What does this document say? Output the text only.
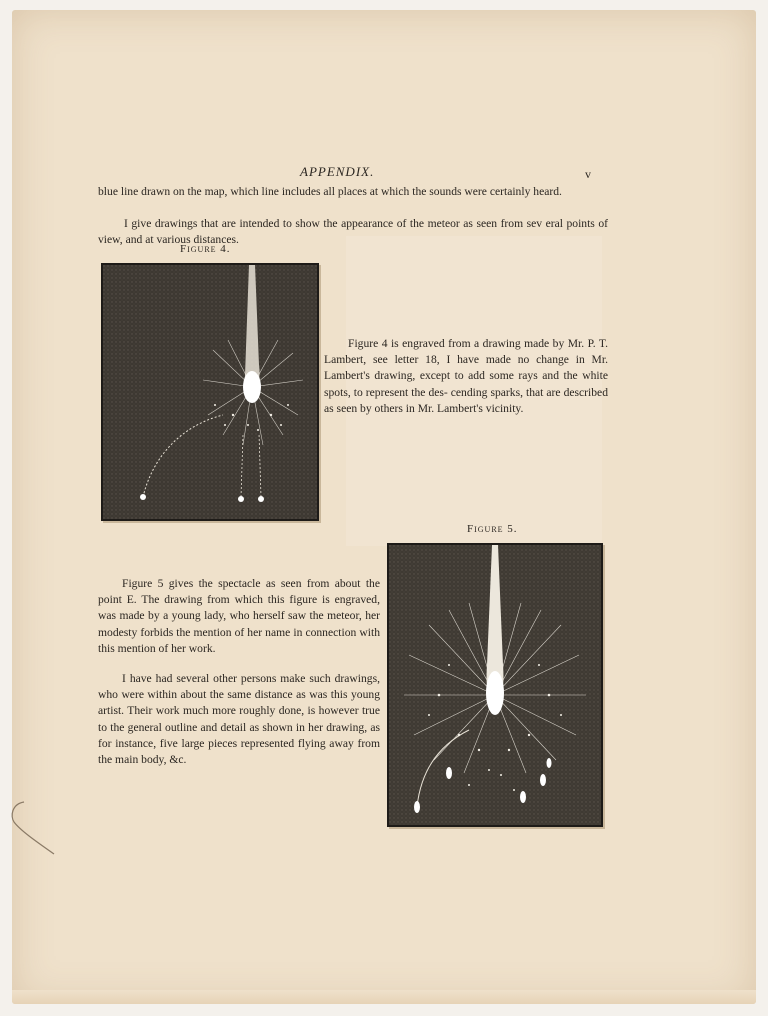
APPENDIX.	v

blue line drawn on the map, which line includes all places at which the sounds were certainly heard.

I give drawings that are intended to show the appearance of the meteor as seen from sev eral points of view, and at various distances.

Figure 4.

Figure 4 is engraved from a drawing made by Mr. P. T. Lambert, see letter 18, I have made no change in Mr. Lambert's drawing, except to add some rays and the white spots, to represent the des- cending sparks, that are described as seen by others in Mr. Lambert's vicinity.

Figure 5.

Figure 5 gives the spectacle as seen from about the point E. The drawing from which this figure is engraved, was made by a young lady, who herself saw the meteor, her modesty forbids the mention of her name in connection with this mention of her work.

I have had several other persons make such drawings, who were within about the same distance as was this young artist. Their work much more roughly done, is however true to the general outline and detail as shown in her drawing, as for instance, five large pieces represented flying away from the main body, &c.
